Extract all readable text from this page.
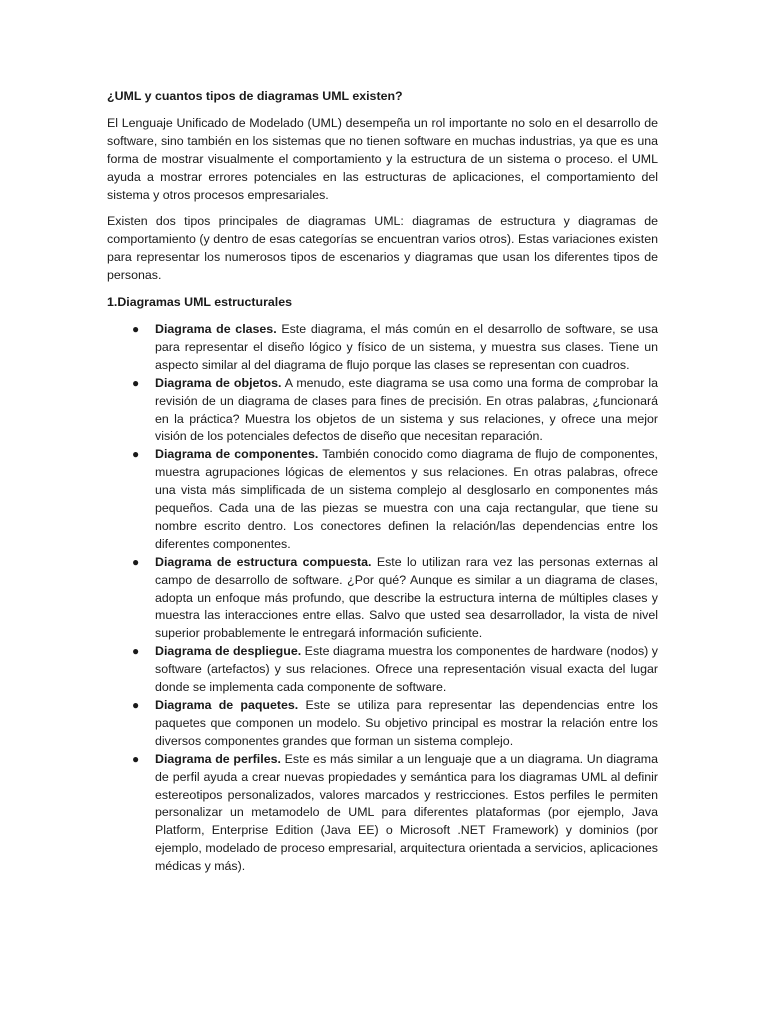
¿UML y cuantos tipos de diagramas UML existen?

El Lenguaje Unificado de Modelado (UML) desempeña un rol importante no solo en el desarrollo de software, sino también en los sistemas que no tienen software en muchas industrias, ya que es una forma de mostrar visualmente el comportamiento y la estructura de un sistema o proceso. el UML ayuda a mostrar errores potenciales en las estructuras de aplicaciones, el comportamiento del sistema y otros procesos empresariales.

Existen dos tipos principales de diagramas UML: diagramas de estructura y diagramas de comportamiento (y dentro de esas categorías se encuentran varios otros). Estas variaciones existen para representar los numerosos tipos de escenarios y diagramas que usan los diferentes tipos de personas.

1.Diagramas UML estructurales
● Diagrama de clases. Este diagrama, el más común en el desarrollo de software, se usa para representar el diseño lógico y físico de un sistema, y muestra sus clases. Tiene un aspecto similar al del diagrama de flujo porque las clases se representan con cuadros.
● Diagrama de objetos. A menudo, este diagrama se usa como una forma de comprobar la revisión de un diagrama de clases para fines de precisión. En otras palabras, ¿funcionará en la práctica? Muestra los objetos de un sistema y sus relaciones, y ofrece una mejor visión de los potenciales defectos de diseño que necesitan reparación.
● Diagrama de componentes. También conocido como diagrama de flujo de componentes, muestra agrupaciones lógicas de elementos y sus relaciones. En otras palabras, ofrece una vista más simplificada de un sistema complejo al desglosarlo en componentes más pequeños. Cada una de las piezas se muestra con una caja rectangular, que tiene su nombre escrito dentro. Los conectores definen la relación/las dependencias entre los diferentes componentes.
● Diagrama de estructura compuesta. Este lo utilizan rara vez las personas externas al campo de desarrollo de software. ¿Por qué? Aunque es similar a un diagrama de clases, adopta un enfoque más profundo, que describe la estructura interna de múltiples clases y muestra las interacciones entre ellas. Salvo que usted sea desarrollador, la vista de nivel superior probablemente le entregará información suficiente.
● Diagrama de despliegue. Este diagrama muestra los componentes de hardware (nodos) y software (artefactos) y sus relaciones. Ofrece una representación visual exacta del lugar donde se implementa cada componente de software.
● Diagrama de paquetes. Este se utiliza para representar las dependencias entre los paquetes que componen un modelo. Su objetivo principal es mostrar la relación entre los diversos componentes grandes que forman un sistema complejo.
● Diagrama de perfiles. Este es más similar a un lenguaje que a un diagrama. Un diagrama de perfil ayuda a crear nuevas propiedades y semántica para los diagramas UML al definir estereotipos personalizados, valores marcados y restricciones. Estos perfiles le permiten personalizar un metamodelo de UML para diferentes plataformas (por ejemplo, Java Platform, Enterprise Edition (Java EE) o Microsoft .NET Framework) y dominios (por ejemplo, modelado de proceso empresarial, arquitectura orientada a servicios, aplicaciones médicas y más).
